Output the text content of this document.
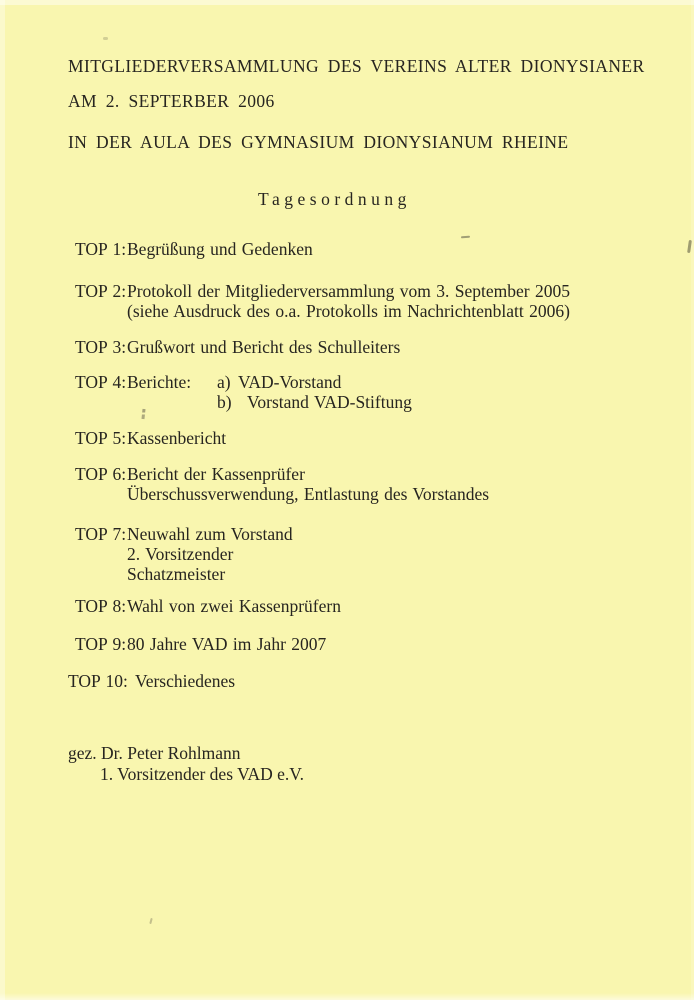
MITGLIEDERVERSAMMLUNG DES VEREINS ALTER DIONYSIANER
AM 2. SEPTERBER 2006
IN DER AULA DES GYMNASIUM DIONYSIANUM RHEINE
Tagesordnung
TOP 1: Begrüßung und Gedenken
TOP 2: Protokoll der Mitgliederversammlung vom 3. September 2005
(siehe Ausdruck des o.a. Protokolls im Nachrichtenblatt 2006)
TOP 3: Grußwort und Bericht des Schulleiters
TOP 4: Berichte:	a) VAD-Vorstand
b) Vorstand VAD-Stiftung
TOP 5: Kassenbericht
TOP 6: Bericht der Kassenprüfer
Überschussverwendung, Entlastung des Vorstandes
TOP 7: Neuwahl zum Vorstand
2. Vorsitzender
Schatzmeister
TOP 8: Wahl von zwei Kassenprüfern
TOP 9: 80 Jahre VAD im Jahr 2007
TOP 10: Verschiedenes
gez. Dr. Peter Rohlmann
1. Vorsitzender des VAD e.V.
